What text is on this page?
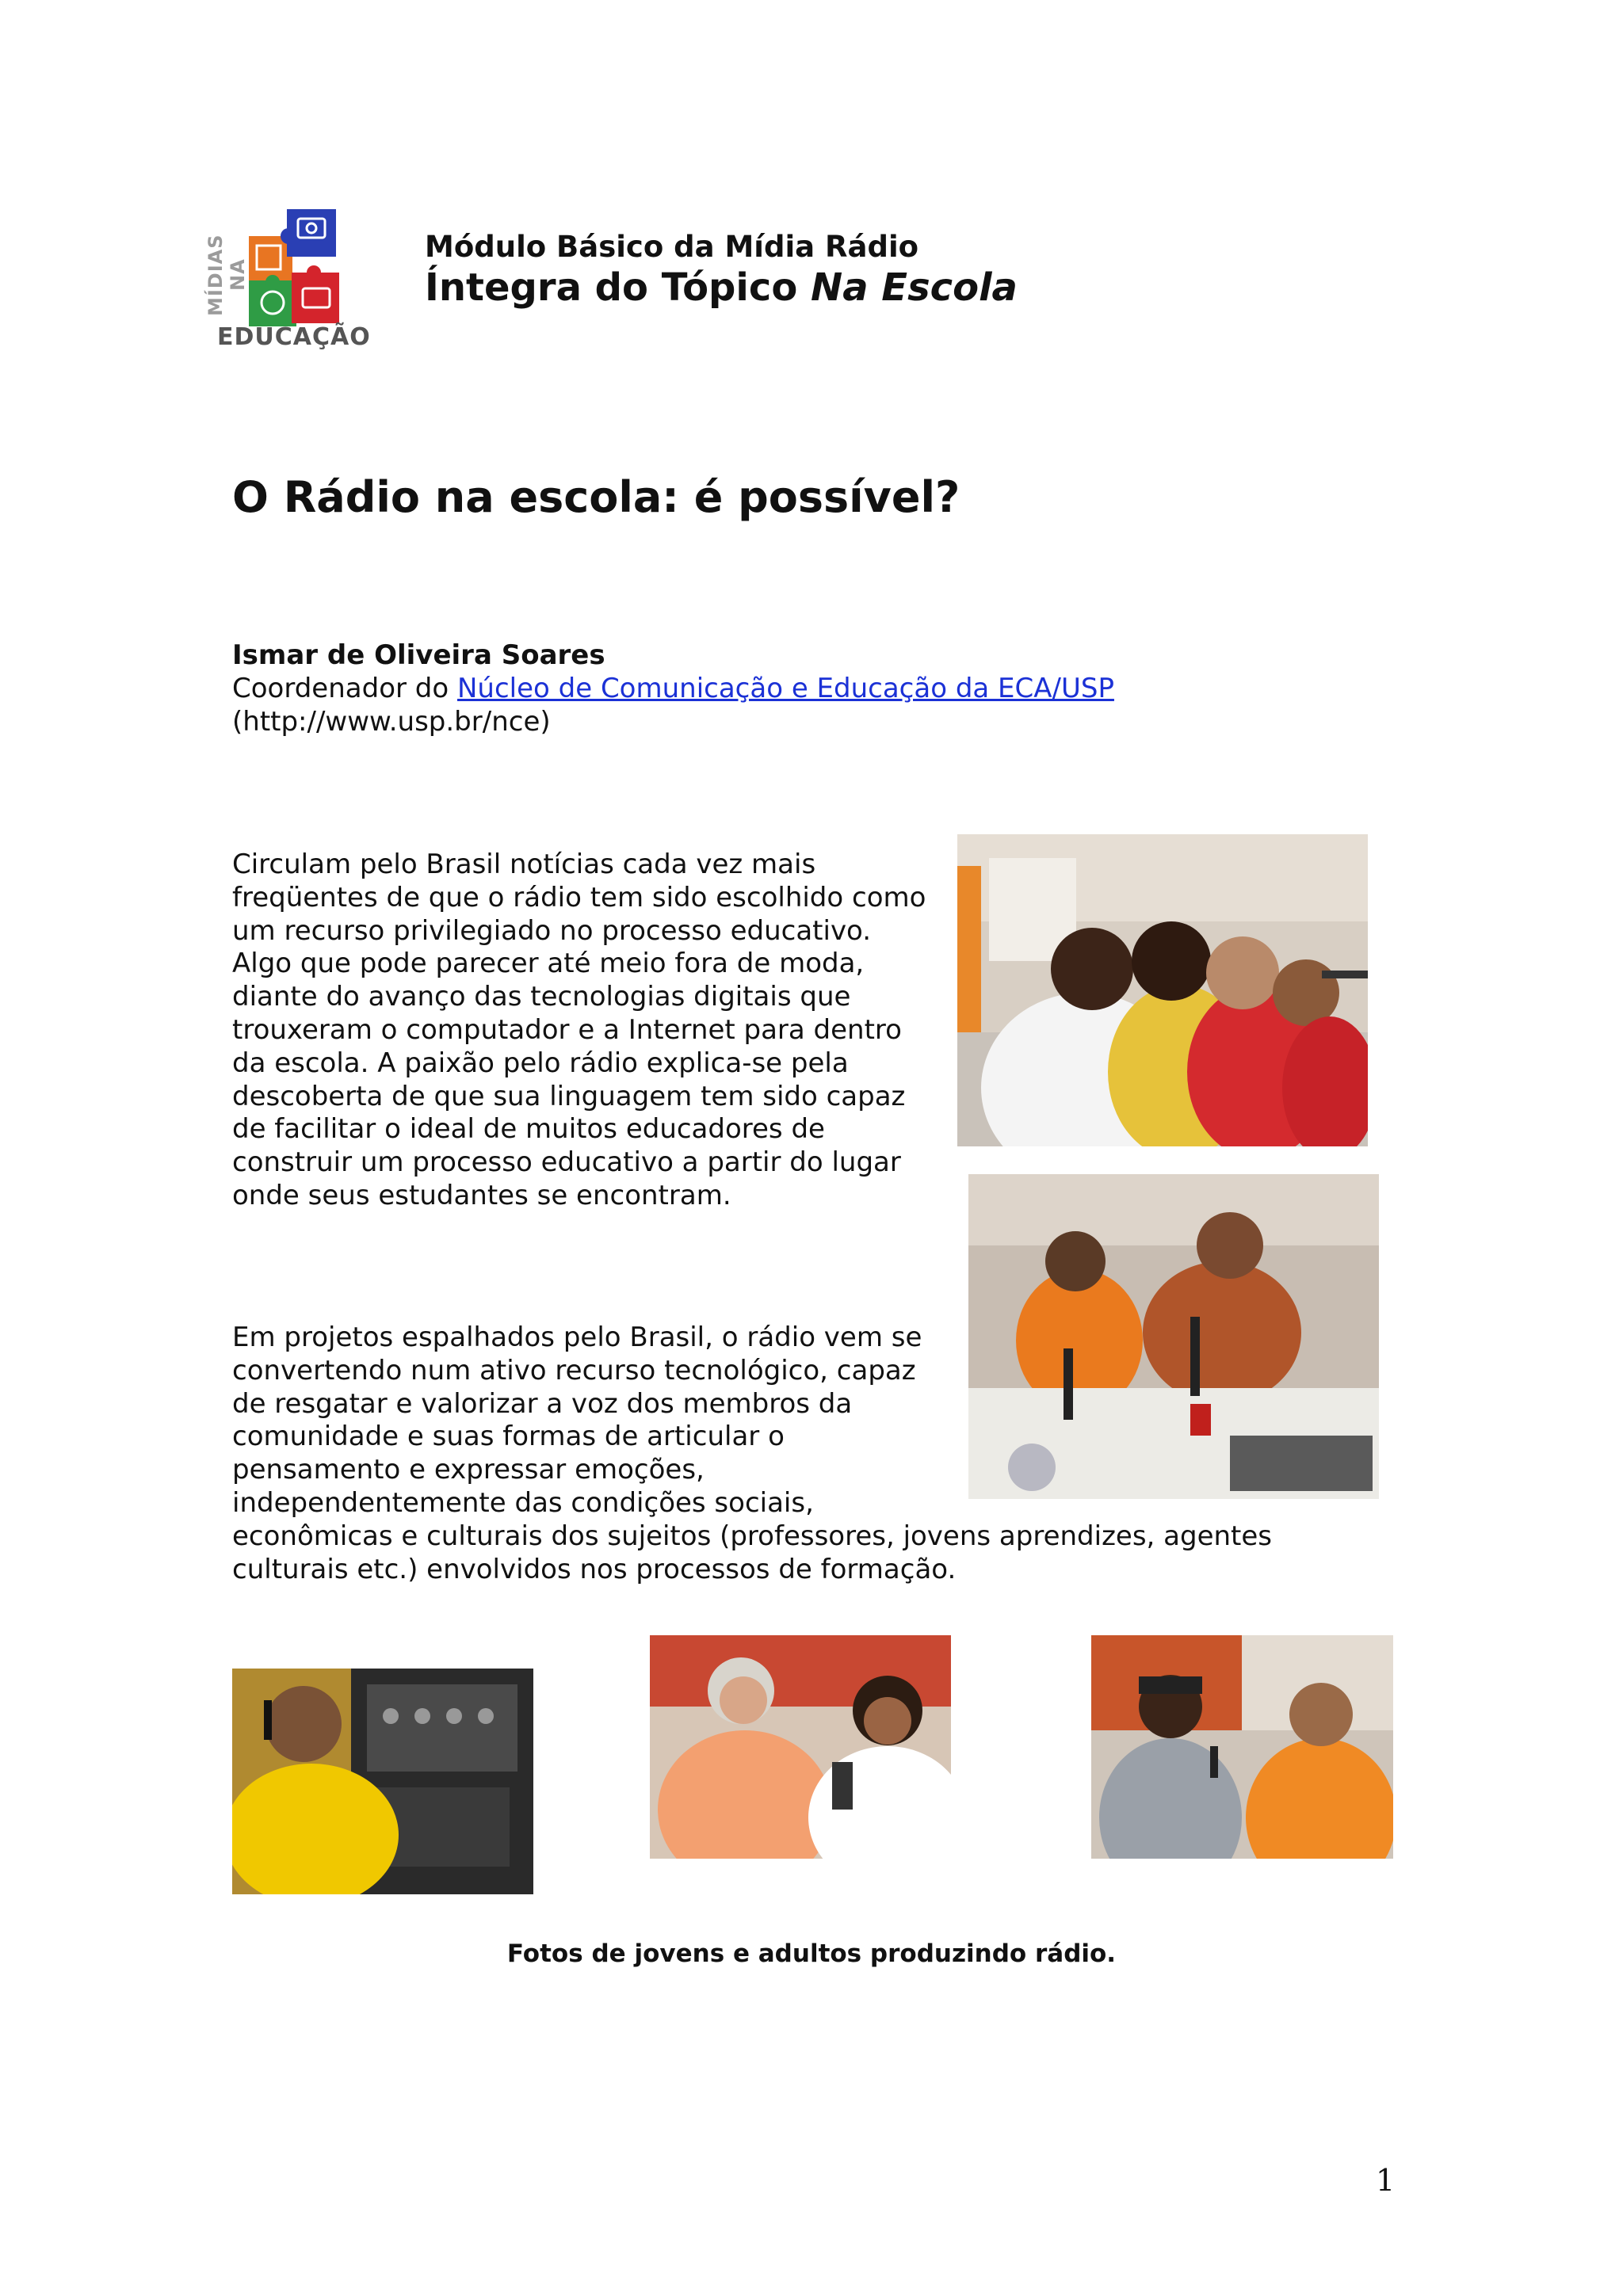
MÍDIAS NA
EDUCAÇÃO
Módulo Básico da Mídia Rádio
Íntegra do Tópico Na Escola
O Rádio na escola: é possível?
Ismar de Oliveira Soares
Coordenador do Núcleo de Comunicação e Educação da ECA/USP
(http://www.usp.br/nce)
Circulam pelo Brasil notícias cada vez mais
freqüentes de que o rádio tem sido escolhido como
um recurso privilegiado no processo educativo.
Algo que pode parecer até meio fora de moda,
diante do avanço das tecnologias digitais que
trouxeram o computador e a Internet para dentro
da escola. A paixão pelo rádio explica-se pela
descoberta de que sua linguagem tem sido capaz
de facilitar o ideal de muitos educadores de
construir um processo educativo a partir do lugar
onde seus estudantes se encontram.
Em projetos espalhados pelo Brasil, o rádio vem se
convertendo num ativo recurso tecnológico, capaz
de resgatar e valorizar a voz dos membros da
comunidade e suas formas de articular o
pensamento e expressar emoções,
independentemente das condições sociais,
econômicas e culturais dos sujeitos (professores, jovens aprendizes, agentes
culturais etc.) envolvidos nos processos de formação.
Fotos de jovens e adultos produzindo rádio.
1
